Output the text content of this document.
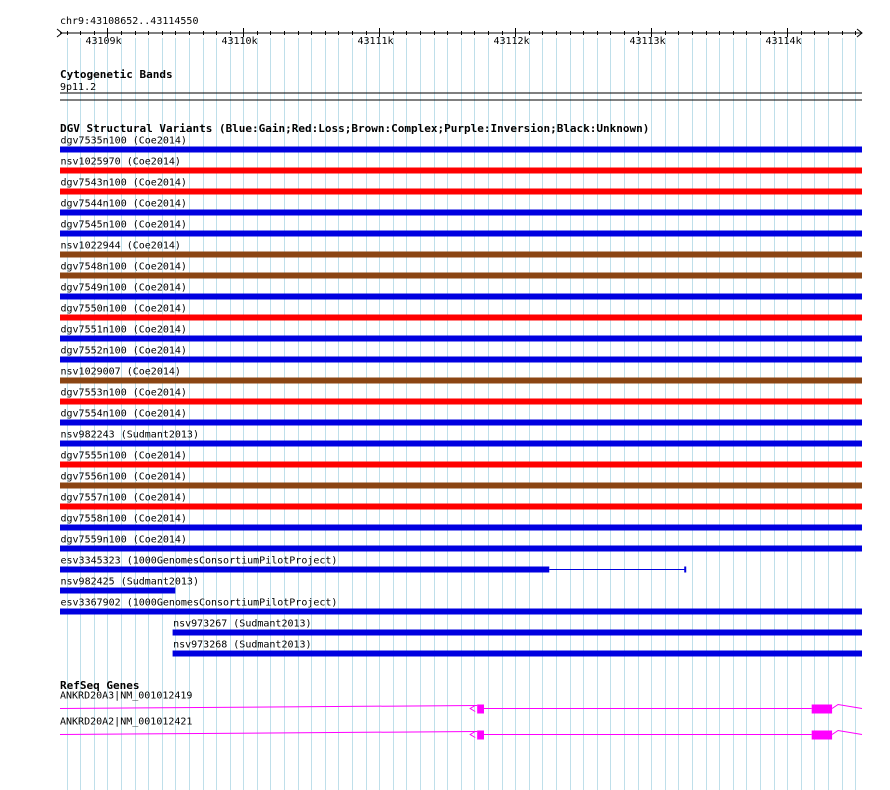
chr9:43108652..43114550
43109k	43110k	43111k	43112k	43113k	43114k
Cytogenetic Bands
9p11.2
DGV Structural Variants (Blue:Gain;Red:Loss;Brown:Complex;Purple:Inversion;Black:Unknown)
dgv7535n100 (Coe2014)
nsv1025970 (Coe2014)
dgv7543n100 (Coe2014)
dgv7544n100 (Coe2014)
dgv7545n100 (Coe2014)
nsv1022944 (Coe2014)
dgv7548n100 (Coe2014)
dgv7549n100 (Coe2014)
dgv7550n100 (Coe2014)
dgv7551n100 (Coe2014)
dgv7552n100 (Coe2014)
nsv1029007 (Coe2014)
dgv7553n100 (Coe2014)
dgv7554n100 (Coe2014)
nsv982243 (Sudmant2013)
dgv7555n100 (Coe2014)
dgv7556n100 (Coe2014)
dgv7557n100 (Coe2014)
dgv7558n100 (Coe2014)
dgv7559n100 (Coe2014)
esv3345323 (1000GenomesConsortiumPilotProject)
nsv982425 (Sudmant2013)
esv3367902 (1000GenomesConsortiumPilotProject)
nsv973267 (Sudmant2013)
nsv973268 (Sudmant2013)
RefSeq Genes
ANKRD20A3|NM_001012419
ANKRD20A2|NM_001012421
